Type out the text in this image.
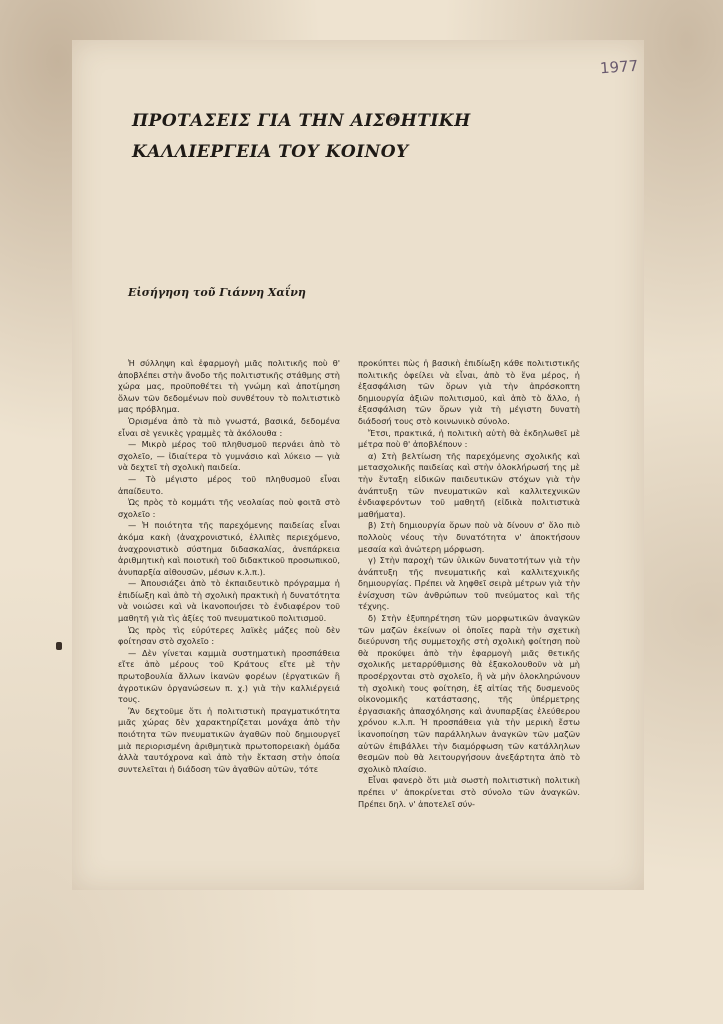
1977
ΠΡΟΤΑΣΕΙΣ ΓΙΑ ΤΗΝ ΑΙΣΘΗΤΙΚΗ
ΚΑΛΛΙΕΡΓΕΙΑ ΤΟΥ ΚΟΙΝΟΥ
Εἰσήγηση τοῦ Γιάννη Χαΐνη

Ἡ σύλληψη καὶ ἐφαρμογὴ μιᾶς πολιτικῆς ποὺ θ' ἀποβλέπει στὴν ἄνοδο τῆς πολιτιστικῆς στάθμης στὴ χώρα μας, προϋποθέτει τὴ γνώμη καὶ ἀποτίμηση ὅλων τῶν δεδομένων ποὺ συνθέτουν τὸ πολιτιστικὸ μας πρόβλημα.

Ὁρισμένα ἀπὸ τὰ πιὸ γνωστά, βασικά, δεδομένα εἶναι σὲ γενικὲς γραμμὲς τὰ ἀκόλουθα :

— Μικρὸ μέρος τοῦ πληθυσμοῦ περνάει ἀπὸ τὸ σχολεῖο, — ἰδιαίτερα τὸ γυμνάσιο καὶ λύκειο — γιὰ νὰ δεχτεῖ τὴ σχολικὴ παιδεία.

— Τὸ μέγιστο μέρος τοῦ πληθυσμοῦ εἶναι ἀπαίδευτο.

Ὡς πρὸς τὸ κομμάτι τῆς νεολαίας ποὺ φοιτᾶ στὸ σχολεῖο :

— Ἡ ποιότητα τῆς παρεχόμενης παιδείας εἶναι ἀκόμα κακὴ (ἀναχρονιστικό, ἐλλιπὲς περιεχόμενο, ἀναχρονιστικὸ σύστημα διδασκαλίας, ἀνεπάρκεια ἀριθμητικὴ καὶ ποιοτικὴ τοῦ διδακτικοῦ προσωπικοῦ, ἀνυπαρξία αἰθουσῶν, μέσων κ.λ.π.).

— Ἀπουσιάζει ἀπὸ τὸ ἐκπαιδευτικὸ πρόγραμμα ἡ ἐπιδίωξη καὶ ἀπὸ τὴ σχολικὴ πρακτικὴ ἡ δυνατότητα νὰ νοιώσει καὶ νὰ ἱκανοποιήσει τὸ ἐνδιαφέρον τοῦ μαθητῆ γιὰ τὶς ἀξίες τοῦ πνευματικοῦ πολιτισμοῦ.

Ὡς πρὸς τὶς εὐρύτερες λαϊκὲς μάζες ποὺ δὲν φοίτησαν στὸ σχολεῖο :

— Δὲν γίνεται καμμιὰ συστηματικὴ προσπάθεια εἴτε ἀπὸ μέρους τοῦ Κράτους εἴτε μὲ τὴν πρωτοβουλία ἄλλων ἱκανῶν φορέων (ἐργατικῶν ἢ ἀγροτικῶν ὀργανώσεων π. χ.) γιὰ τὴν καλλιέργειά τους.

Ἂν δεχτοῦμε ὅτι ἡ πολιτιστικὴ πραγματικότητα μιᾶς χώρας δὲν χαρακτηρίζεται μονάχα ἀπὸ τὴν ποιότητα τῶν πνευματικῶν ἀγαθῶν ποὺ δημιουργεῖ μιὰ περιορισμένη ἀριθμητικὰ πρωτοπορειακὴ ὁμάδα ἀλλὰ ταυτόχρονα καὶ ἀπὸ τὴν ἔκταση στὴν ὁποία συντελεῖται ἡ διάδοση τῶν ἀγαθῶν αὐτῶν, τότε

προκύπτει πὼς ἡ βασικὴ ἐπιδίωξη κάθε πολιτιστικῆς πολιτικῆς ὀφείλει νὰ εἶναι, ἀπὸ τὸ ἕνα μέρος, ἡ ἐξασφάλιση τῶν ὅρων γιὰ τὴν ἀπρόσκοπτη δημιουργία ἀξιῶν πολιτισμοῦ, καὶ ἀπὸ τὸ ἄλλο, ἡ ἐξασφάλιση τῶν ὅρων γιὰ τὴ μέγιστη δυνατὴ διάδοσή τους στὸ κοινωνικὸ σύνολο.

Ἔτσι, πρακτικά, ἡ πολιτικὴ αὐτὴ θὰ ἐκδηλωθεῖ μὲ μέτρα ποὺ θ' ἀποβλέπουν :

α) Στὴ βελτίωση τῆς παρεχόμενης σχολικῆς καὶ μετασχολικῆς παιδείας καὶ στὴν ὁλοκλήρωσή της μὲ τὴν ἔνταξη εἰδικῶν παιδευτικῶν στόχων γιὰ τὴν ἀνάπτυξη τῶν πνευματικῶν καὶ καλλιτεχνικῶν ἐνδιαφερόντων τοῦ μαθητῆ (εἰδικὰ πολιτιστικὰ μαθήματα).

β) Στὴ δημιουργία ὅρων ποὺ νὰ δίνουν σ' ὅλο πιὸ πολλοὺς νέους τὴν δυνατότητα ν' ἀποκτήσουν μεσαία καὶ ἀνώτερη μόρφωση.

γ) Στὴν παροχὴ τῶν ὑλικῶν δυνατοτήτων γιὰ τὴν ἀνάπτυξη τῆς πνευματικῆς καὶ καλλιτεχνικῆς δημιουργίας. Πρέπει νὰ ληφθεῖ σειρὰ μέτρων γιὰ τὴν ἐνίσχυση τῶν ἀνθρώπων τοῦ πνεύματος καὶ τῆς τέχνης.

δ) Στὴν ἐξυπηρέτηση τῶν μορφωτικῶν ἀναγκῶν τῶν μαζῶν ἐκείνων οἱ ὁποῖες παρὰ τὴν σχετικὴ διεύρυνση τῆς συμμετοχῆς στὴ σχολικὴ φοίτηση ποὺ θὰ προκύψει ἀπὸ τὴν ἐφαρμογὴ μιᾶς θετικῆς σχολικῆς μεταρρύθμισης θὰ ἐξακολουθοῦν νὰ μὴ προσέρχονται στὸ σχολεῖο, ἢ νὰ μὴν ὁλοκληρώνουν τὴ σχολικὴ τους φοίτηση, ἐξ αἰτίας τῆς δυσμενοῦς οἰκονομικῆς κατάστασης, τῆς ὑπέρμετρης ἐργασιακῆς ἀπασχόλησης καὶ ἀνυπαρξίας ἐλεύθερου χρόνου κ.λ.π. Ἡ προσπάθεια γιὰ τὴν μερικὴ ἔστω ἱκανοποίηση τῶν παράλληλων ἀναγκῶν τῶν μαζῶν αὐτῶν ἐπιβάλλει τὴν διαμόρφωση τῶν κατάλληλων θεσμῶν ποὺ θὰ λειτουργήσουν ἀνεξάρτητα ἀπὸ τὸ σχολικὸ πλαίσιο.

Εἶναι φανερὸ ὅτι μιὰ σωστὴ πολιτιστικὴ πολιτικὴ πρέπει ν' ἀποκρίνεται στὸ σύνολο τῶν ἀναγκῶν. Πρέπει δηλ. ν' ἀποτελεῖ σύν-
